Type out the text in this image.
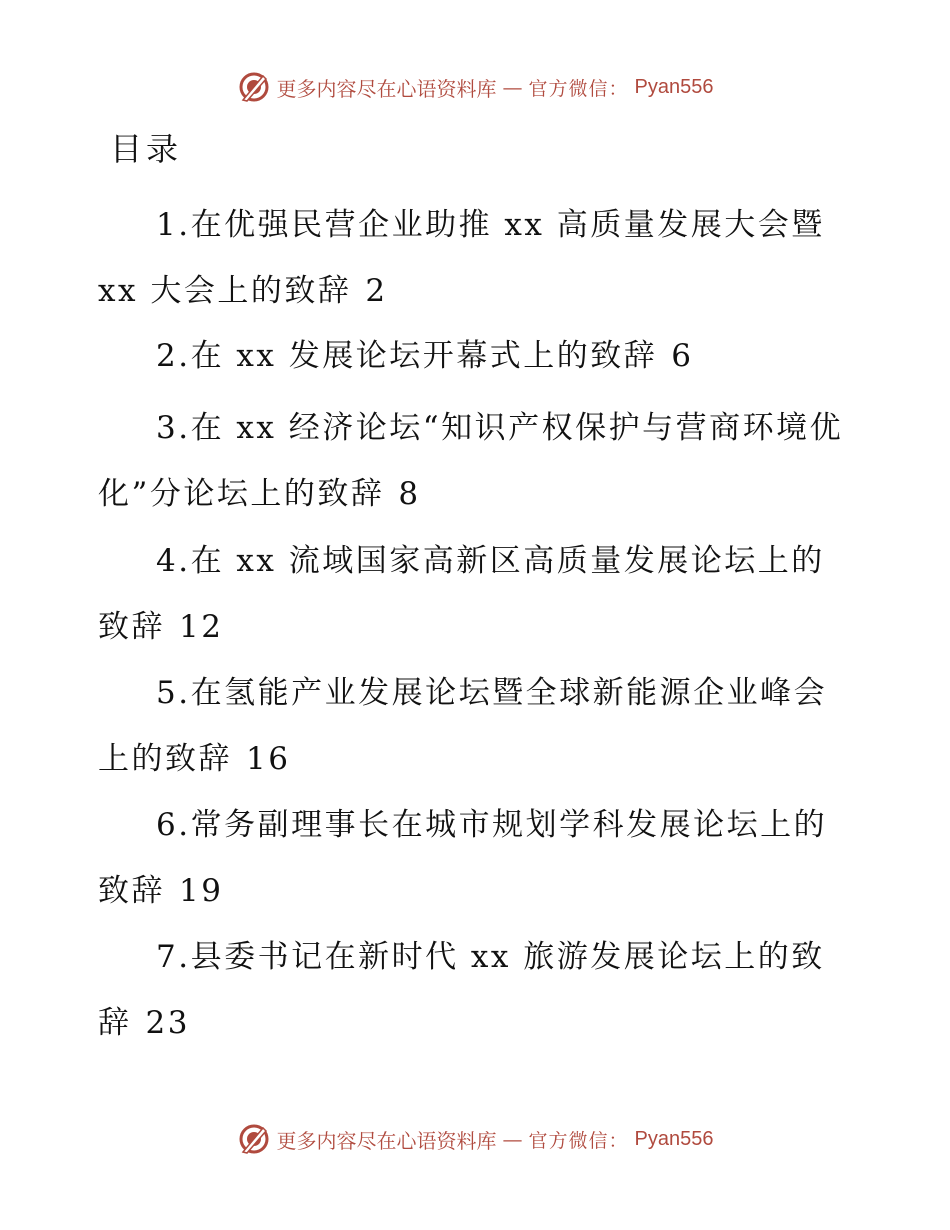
更多内容尽在心语资料库 — 官方微信： Pyan556
目录
1.在优强民营企业助推 xx 高质量发展大会暨 xx 大会上的致辞 2
2.在 xx 发展论坛开幕式上的致辞 6
3.在 xx 经济论坛“知识产权保护与营商环境优化”分论坛上的致辞 8
4.在 xx 流域国家高新区高质量发展论坛上的致辞 12
5.在氢能产业发展论坛暨全球新能源企业峰会上的致辞 16
6.常务副理事长在城市规划学科发展论坛上的致辞 19
7.县委书记在新时代 xx 旅游发展论坛上的致辞 23
更多内容尽在心语资料库 — 官方微信： Pyan556
